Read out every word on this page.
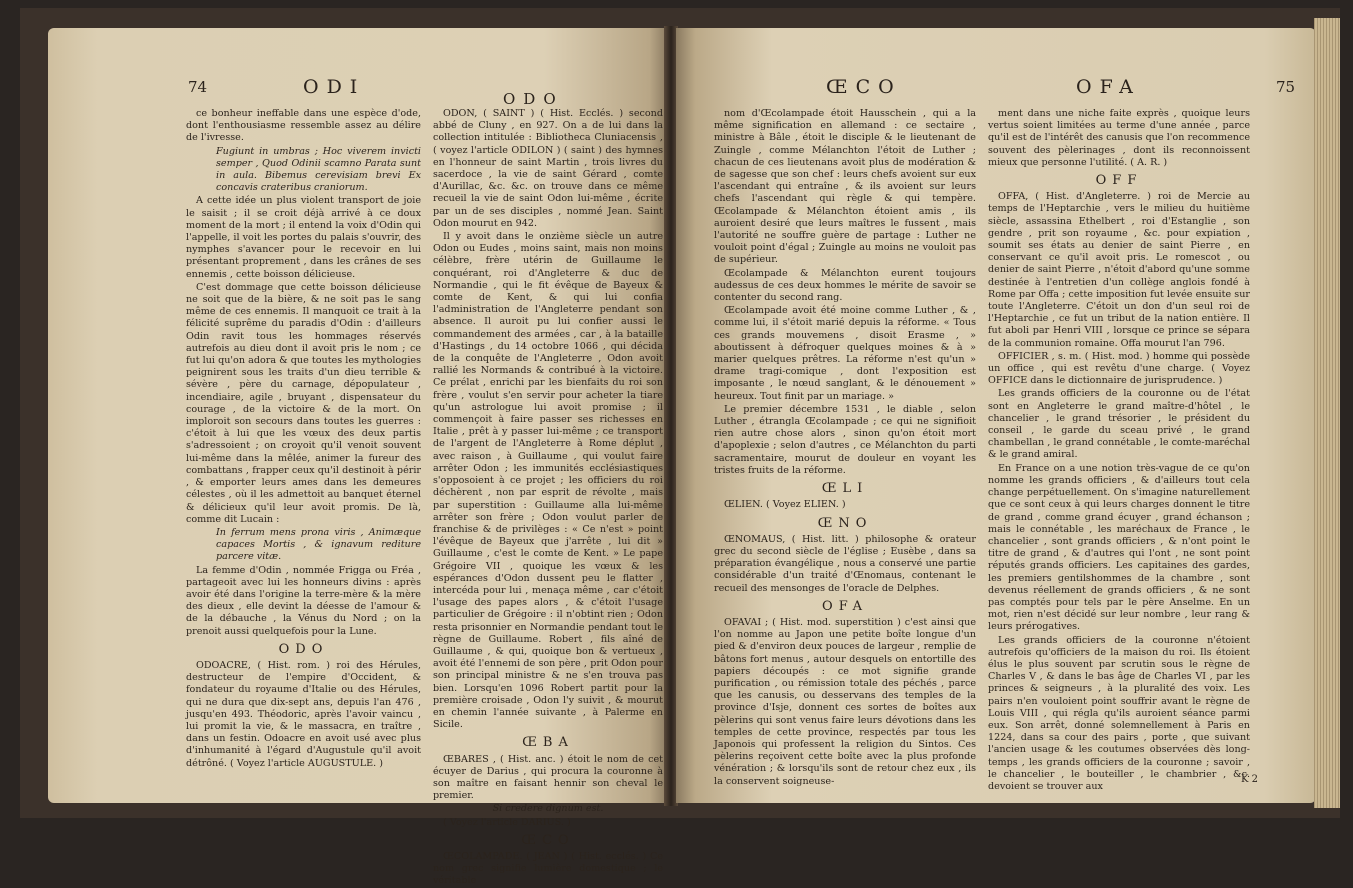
74	ODI

ce bonheur ineffable dans une espèce d'ode, dont l'enthousiasme ressemble assez au délire de l'ivresse.

Fugiunt in umbras ; Hoc viverem invicti semper , Quod Odinii scamno Parata sunt in aula. Bibemus cerevisiam brevi Ex concavis crateribus craniorum.

A cette idée un plus violent transport de joie le saisit ; il se croit déjà arrivé à ce doux moment de la mort ; il entend la voix d'Odin qui l'appelle, il voit les portes du palais s'ouvrir, des nymphes s'avancer pour le recevoir en lui présentant proprement , dans les crânes de ses ennemis , cette boisson délicieuse.

C'est dommage que cette boisson délicieuse ne soit que de la bière, & ne soit pas le sang même de ces ennemis. Il manquoit ce trait à la félicité suprême du paradis d'Odin : d'ailleurs Odin ravit tous les hommages réservés autrefois au dieu dont il avoit pris le nom ; ce fut lui qu'on adora & que toutes les mythologies peignirent sous les traits d'un dieu terrible & sévère , père du carnage, dépopulateur , incendiaire, agile , bruyant , dispensateur du courage , de la victoire & de la mort. On imploroit son secours dans toutes les guerres : c'étoit à lui que les vœux des deux partis s'adressoient ; on croyoit qu'il venoit souvent lui-même dans la mêlée, animer la fureur des combattans , frapper ceux qu'il destinoit à périr , & emporter leurs ames dans les demeures célestes , où il les admettoit au banquet éternel & délicieux qu'il leur avoit promis. De là, comme dit Lucain :

In ferrum mens prona viris , Animæque capaces Mortis , & ignavum rediture parcere vitæ.

La femme d'Odin , nommée Frigga ou Fréa , partageoit avec lui les honneurs divins : après avoir été dans l'origine la terre-mère & la mère des dieux , elle devint la déesse de l'amour & de la débauche , la Vénus du Nord ; on la prenoit aussi quelquefois pour la Lune.

ODO

ODOACRE, ( Hist. rom. ) roi des Hérules, destructeur de l'empire d'Occident, & fondateur du royaume d'Italie ou des Hérules, qui ne dura que dix-sept ans, depuis l'an 476 , jusqu'en 493. Théodoric, après l'avoir vaincu , lui promit la vie, & le massacra, en traître , dans un festin. Odoacre en avoit usé avec plus d'inhumanité à l'égard d'Augustule qu'il avoit détrôné. ( Voyez l'article AUGUSTULE. )

ODO

ODON, ( SAINT ) ( Hist. Ecclés. ) second abbé de Cluny , en 927. On a de lui dans la collection intitulée : Bibliotheca Cluniacensis , ( voyez l'article ODILON ) ( saint ) des hymnes en l'honneur de saint Martin , trois livres du sacerdoce , la vie de saint Gérard , comte d'Aurillac, &c. &c. on trouve dans ce même recueil la vie de saint Odon lui-même , écrite par un de ses disciples , nommé Jean. Saint Odon mourut en 942.

Il y avoit dans le onzième siècle un autre Odon ou Eudes , moins saint, mais non moins célèbre, frère utérin de Guillaume le conquérant, roi d'Angleterre & duc de Normandie , qui le fit évêque de Bayeux & comte de Kent, & qui lui confia l'administration de l'Angleterre pendant son absence. Il auroit pu lui confier aussi le commandement des armées , car , à la bataille d'Hastings , du 14 octobre 1066 , qui décida de la conquête de l'Angleterre , Odon avoit rallié les Normands & contribué à la victoire. Ce prélat , enrichi par les bienfaits du roi son frère , voulut s'en servir pour acheter la tiare qu'un astrologue lui avoit promise ; il commençoit à faire passer ses richesses en Italie , prêt à y passer lui-même ; ce transport de l'argent de l'Angleterre à Rome déplut , avec raison , à Guillaume , qui voulut faire arrêter Odon ; les immunités ecclésiastiques s'opposoient à ce projet ; les officiers du roi déchèrent , non par esprit de révolte , mais par superstition : Guillaume alla lui-même arrêter son frère ; Odon voulut parler de franchise & de privilèges : « Ce n'est » point l'évêque de Bayeux que j'arrête , lui dit » Guillaume , c'est le comte de Kent. » Le pape Grégoire VII , quoique les vœux & les espérances d'Odon dussent peu le flatter , intercéda pour lui , menaça même , car c'étoit l'usage des papes alors , & c'étoit l'usage particulier de Grégoire : il n'obtint rien ; Odon resta prisonnier en Normandie pendant tout le règne de Guillaume. Robert , fils aîné de Guillaume , & qui, quoique bon & vertueux , avoit été l'ennemi de son père , prit Odon pour son principal ministre & ne s'en trouva pas bien. Lorsqu'en 1096 Robert partit pour la première croisade , Odon l'y suivit , & mourut en chemin l'année suivante , à Palerme en Sicile.

ŒBA

ŒBARES , ( Hist. anc. ) étoit le nom de cet écuyer de Darius , qui procura la couronne à son maître en faisant hennir son cheval le premier.

Si credere dignum est.

( Voyez l'article DARIUS. )

ŒCO

ŒCOLAMPADE. ( JEAN ) ( Hist. ecclés. ) Ce nom grec signifie lumière domestique ; le véritable

ŒCO	OFA	75

nom d'Œcolampade étoit Hausschein , qui a la même signification en allemand : ce sectaire , ministre à Bâle , étoit le disciple & le lieutenant de Zuingle , comme Mélanchton l'étoit de Luther ; chacun de ces lieutenans avoit plus de modération & de sagesse que son chef : leurs chefs avoient sur eux l'ascendant qui entraîne , & ils avoient sur leurs chefs l'ascendant qui règle & qui tempère. Œcolampade & Mélanchton étoient amis , ils auroient desiré que leurs maîtres le fussent , mais l'autorité ne souffre guère de partage : Luther ne vouloit point d'égal ; Zuingle au moins ne vouloit pas de supérieur.

Œcolampade & Mélanchton eurent toujours audessus de ces deux hommes le mérite de savoir se contenter du second rang.

Œcolampade avoit été moine comme Luther , & , comme lui, il s'étoit marié depuis la réforme. « Tous ces grands mouvemens , disoit Erasme , » aboutissent à défroquer quelques moines & à » marier quelques prêtres. La réforme n'est qu'un » drame tragi-comique , dont l'exposition est imposante , le nœud sanglant, & le dénouement » heureux. Tout finit par un mariage. »

Le premier décembre 1531 , le diable , selon Luther , étrangla Œcolampade ; ce qui ne signifioit rien autre chose alors , sinon qu'on étoit mort d'apoplexie ; selon d'autres , ce Mélanchton du parti sacramentaire, mourut de douleur en voyant les tristes fruits de la réforme.

ŒLI

ŒLIEN. ( Voyez ELIEN. )

ŒNO

ŒNOMAUS, ( Hist. litt. ) philosophe & orateur grec du second siècle de l'église ; Eusèbe , dans sa préparation évangélique , nous a conservé une partie considérable d'un traité d'Œnomaus, contenant le recueil des mensonges de l'oracle de Delphes.

OFA

OFAVAI ; ( Hist. mod. superstition ) c'est ainsi que l'on nomme au Japon une petite boîte longue d'un pied & d'environ deux pouces de largeur , remplie de bâtons fort menus , autour desquels on entortille des papiers découpés : ce mot signifie grande purification , ou rémission totale des péchés , parce que les canusis, ou desservans des temples de la province d'Isje, donnent ces sortes de boîtes aux pèlerins qui sont venus faire leurs dévotions dans les temples de cette province, respectés par tous les Japonois qui professent la religion du Sintos. Ces pèlerins reçoivent cette boîte avec la plus profonde vénération ; & lorsqu'ils sont de retour chez eux , ils la conservent soigneuse-

ment dans une niche faite exprès , quoique leurs vertus soient limitées au terme d'une année , parce qu'il est de l'intérêt des canusis que l'on recommence souvent des pèlerinages , dont ils reconnoissent mieux que personne l'utilité. ( A. R. )

OFF

OFFA, ( Hist. d'Angleterre. ) roi de Mercie au temps de l'Heptarchie , vers le milieu du huitième siècle, assassina Ethelbert , roi d'Estanglie , son gendre , prit son royaume , &c. pour expiation , soumit ses états au denier de saint Pierre , en conservant ce qu'il avoit pris. Le romescot , ou denier de saint Pierre , n'étoit d'abord qu'une somme destinée à l'entretien d'un collège anglois fondé à Rome par Offa ; cette imposition fut levée ensuite sur toute l'Angleterre. C'étoit un don d'un seul roi de l'Heptarchie , ce fut un tribut de la nation entière. Il fut aboli par Henri VIII , lorsque ce prince se sépara de la communion romaine. Offa mourut l'an 796.

OFFICIER , s. m. ( Hist. mod. ) homme qui possède un office , qui est revêtu d'une charge. ( Voyez OFFICE dans le dictionnaire de jurisprudence. )

Les grands officiers de la couronne ou de l'état sont en Angleterre le grand maître-d'hôtel , le chancelier , le grand trésorier , le président du conseil , le garde du sceau privé , le grand chambellan , le grand connétable , le comte-maréchal & le grand amiral.

En France on a une notion très-vague de ce qu'on nomme les grands officiers , & d'ailleurs tout cela change perpétuellement. On s'imagine naturellement que ce sont ceux à qui leurs charges donnent le titre de grand , comme grand écuyer , grand échanson ; mais le connétable , les maréchaux de France , le chancelier , sont grands officiers , & n'ont point le titre de grand , & d'autres qui l'ont , ne sont point réputés grands officiers. Les capitaines des gardes, les premiers gentilshommes de la chambre , sont devenus réellement de grands officiers , & ne sont pas comptés pour tels par le père Anselme. En un mot, rien n'est décidé sur leur nombre , leur rang & leurs prérogatives.

Les grands officiers de la couronne n'étoient autrefois qu'officiers de la maison du roi. Ils étoient élus le plus souvent par scrutin sous le règne de Charles V , & dans le bas âge de Charles VI , par les princes & seigneurs , à la pluralité des voix. Les pairs n'en vouloient point souffrir avant le règne de Louis VIII , qui régla qu'ils auroient séance parmi eux. Son arrêt, donné solemnellement à Paris en 1224, dans sa cour des pairs , porte , que suivant l'ancien usage & les coutumes observées dès long-temps , les grands officiers de la couronne ; savoir , le chancelier , le bouteiller , le chambrier , &c. devoient se trouver aux

K 2
